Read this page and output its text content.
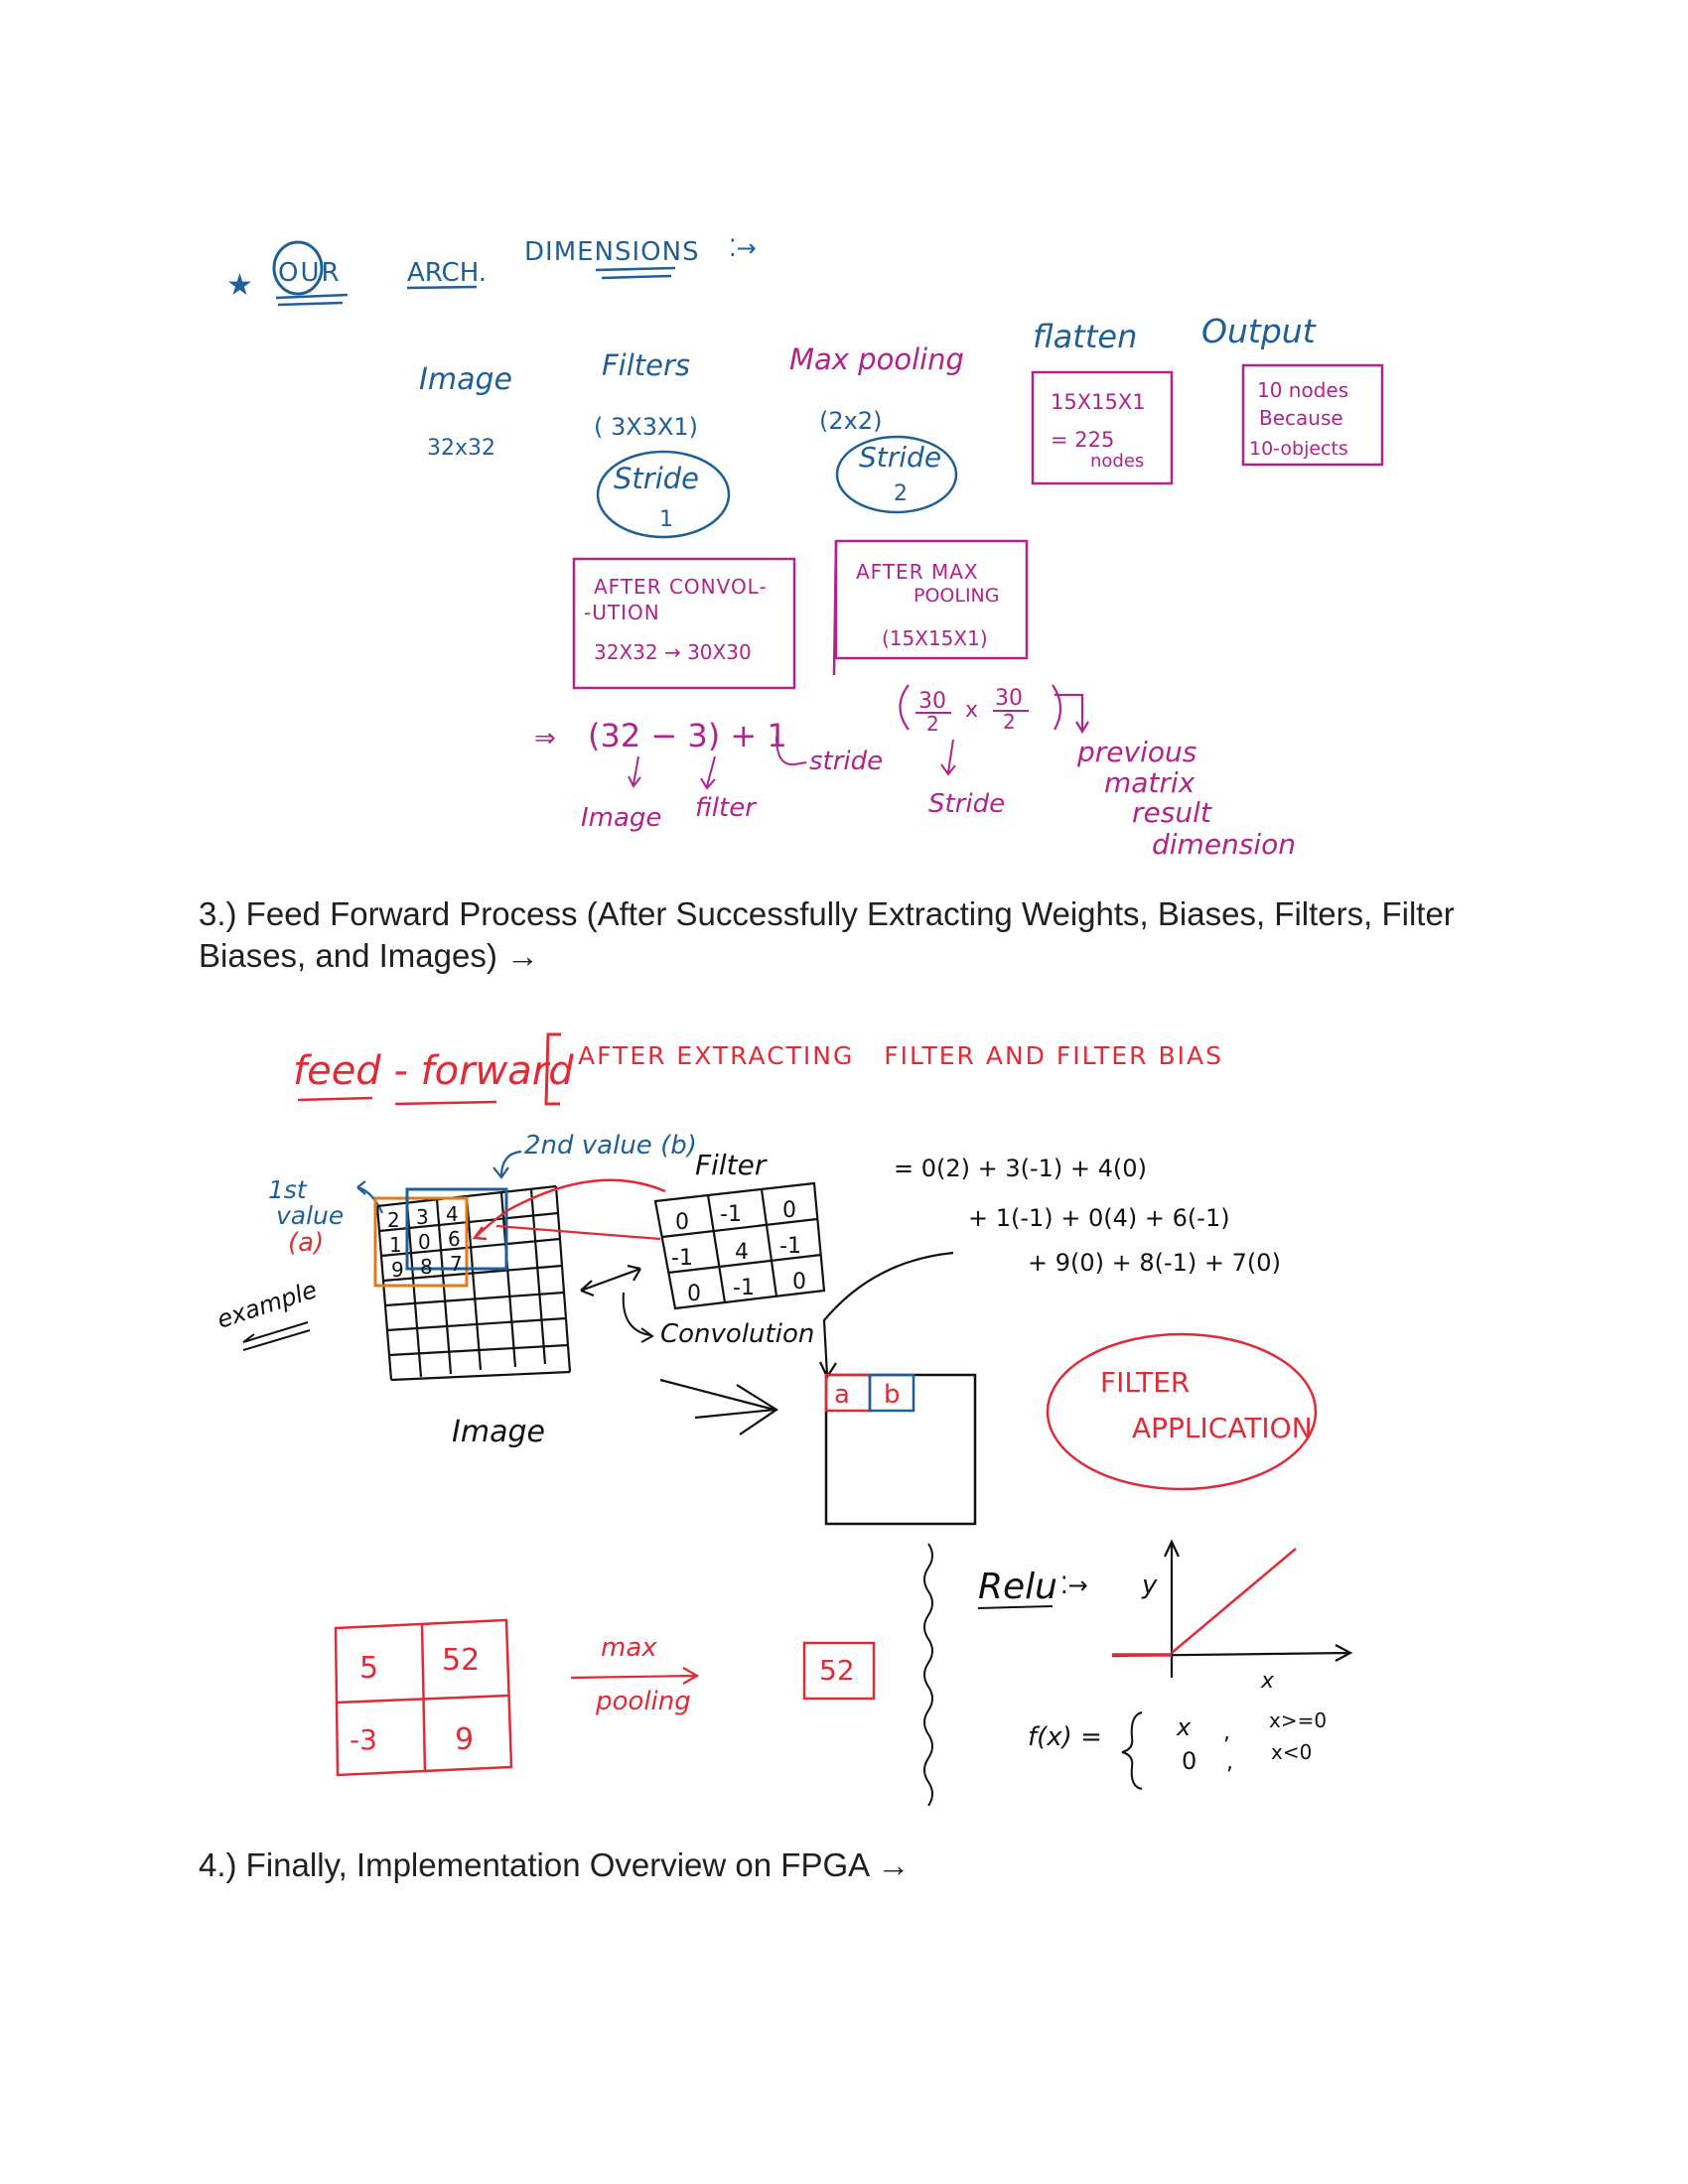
★ OUR	ARCH.
DIMENSIONS ⁚→
Image
32x32
Filters
( 3X3X1)
Stride
1
Max pooling
(2x2)
Stride
2
flatten
15X15X1
= 225
nodes
Output
10 nodes
Because
10-objects
AFTER CONVOL-
-UTION
32X32 → 30X30
AFTER MAX
POOLING
(15X15X1)
⇒ (32 − 3) + 1
Image filter
stride
30
2
x 30
2
Stride
previous
matrix
result
dimension

3.) Feed Forward Process (After Successfully Extracting Weights, Biases, Filters, Filter Biases, and Images) →

feed - forward AFTER EXTRACTING   FILTER AND FILTER BIAS
1st
value
(a)
2nd value (b)
example
2 3 4
1 0 6
9 8 7
Image
Filter
0 -1 0
-1 4 -1
0 -1 0
Convolution
= 0(2) + 3(-1) + 4(0)
+ 1(-1) + 0(4) + 6(-1)
+ 9(0) + 8(-1) + 7(0)
a b	FILTER
APPLICATION
5 52
-3	9
max
pooling
52
Relu ⁚→ y
x
f(x) =	x , x>=0
0 , x<0

4.) Finally, Implementation Overview on FPGA →
